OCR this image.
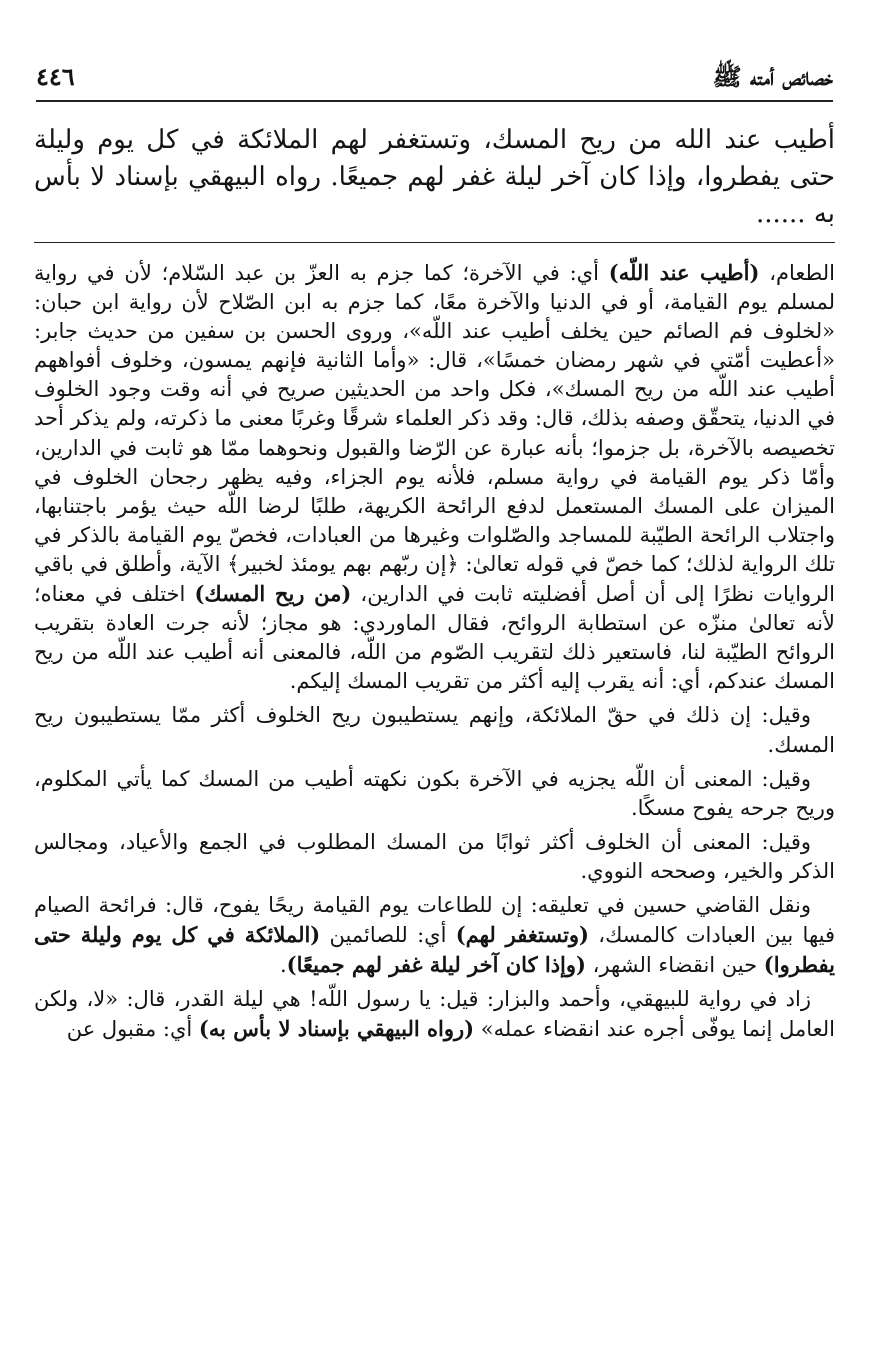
خصائص أمته ﷺ
٤٤٦

أطيب عند الله من ريح المسك، وتستغفر لهم الملائكة في كل يوم وليلة حتى يفطروا، وإذا كان آخر ليلة غفر لهم جميعًا. رواه البيهقي بإسناد لا بأس به ......

الطعام، (أطيب عند اللّه) أي: في الآخرة؛ كما جزم به العزّ بن عبد السّلام؛ لأن في رواية لمسلم يوم القيامة، أو في الدنيا والآخرة معًا، كما جزم به ابن الصّلاح لأن رواية ابن حبان: «لخلوف فم الصائم حين يخلف أطيب عند اللّه»، وروى الحسن بن سفين من حديث جابر: «أعطيت أمّتي في شهر رمضان خمسًا»، قال: «وأما الثانية فإنهم يمسون، وخلوف أفواههم أطيب عند اللّه من ريح المسك»، فكل واحد من الحديثين صريح في أنه وقت وجود الخلوف في الدنيا، يتحقّق وصفه بذلك، قال: وقد ذكر العلماء شرقًا وغربًا معنى ما ذكرته، ولم يذكر أحد تخصيصه بالآخرة، بل جزموا؛ بأنه عبارة عن الرّضا والقبول ونحوهما ممّا هو ثابت في الدارين، وأمّا ذكر يوم القيامة في رواية مسلم، فلأنه يوم الجزاء، وفيه يظهر رجحان الخلوف في الميزان على المسك المستعمل لدفع الرائحة الكريهة، طلبًا لرضا اللّه حيث يؤمر باجتنابها، واجتلاب الرائحة الطيّبة للمساجد والصّلوات وغيرها من العبادات، فخصّ يوم القيامة بالذكر في تلك الرواية لذلك؛ كما خصّ في قوله تعالىٰ: ﴿إن ربّهم بهم يومئذ لخبير﴾ الآية، وأطلق في باقي الروايات نظرًا إلى أن أصل أفضليته ثابت في الدارين، (من ريح المسك) اختلف في معناه؛ لأنه تعالىٰ منزّه عن استطابة الروائح، فقال الماوردي: هو مجاز؛ لأنه جرت العادة بتقريب الروائح الطيّبة لنا، فاستعير ذلك لتقريب الصّوم من اللّه، فالمعنى أنه أطيب عند اللّه من ريح المسك عندكم، أي: أنه يقرب إليه أكثر من تقريب المسك إليكم.

وقيل: إن ذلك في حقّ الملائكة، وإنهم يستطيبون ريح الخلوف أكثر ممّا يستطيبون ريح المسك.

وقيل: المعنى أن اللّه يجزيه في الآخرة بكون نكهته أطيب من المسك كما يأتي المكلوم، وريح جرحه يفوح مسكًا.

وقيل: المعنى أن الخلوف أكثر ثوابًا من المسك المطلوب في الجمع والأعياد، ومجالس الذكر والخير، وصححه النووي.

ونقل القاضي حسين في تعليقه: إن للطاعات يوم القيامة ريحًا يفوح، قال: فرائحة الصيام فيها بين العبادات كالمسك، (وتستغفر لهم) أي: للصائمين (الملائكة في كل يوم وليلة حتى يفطروا) حين انقضاء الشهر، (وإذا كان آخر ليلة غفر لهم جميعًا).

زاد في رواية للبيهقي، وأحمد والبزار: قيل: يا رسول اللّه! هي ليلة القدر، قال: «لا، ولكن العامل إنما يوفّى أجره عند انقضاء عمله» (رواه البيهقي بإسناد لا بأس به) أي: مقبول عن
